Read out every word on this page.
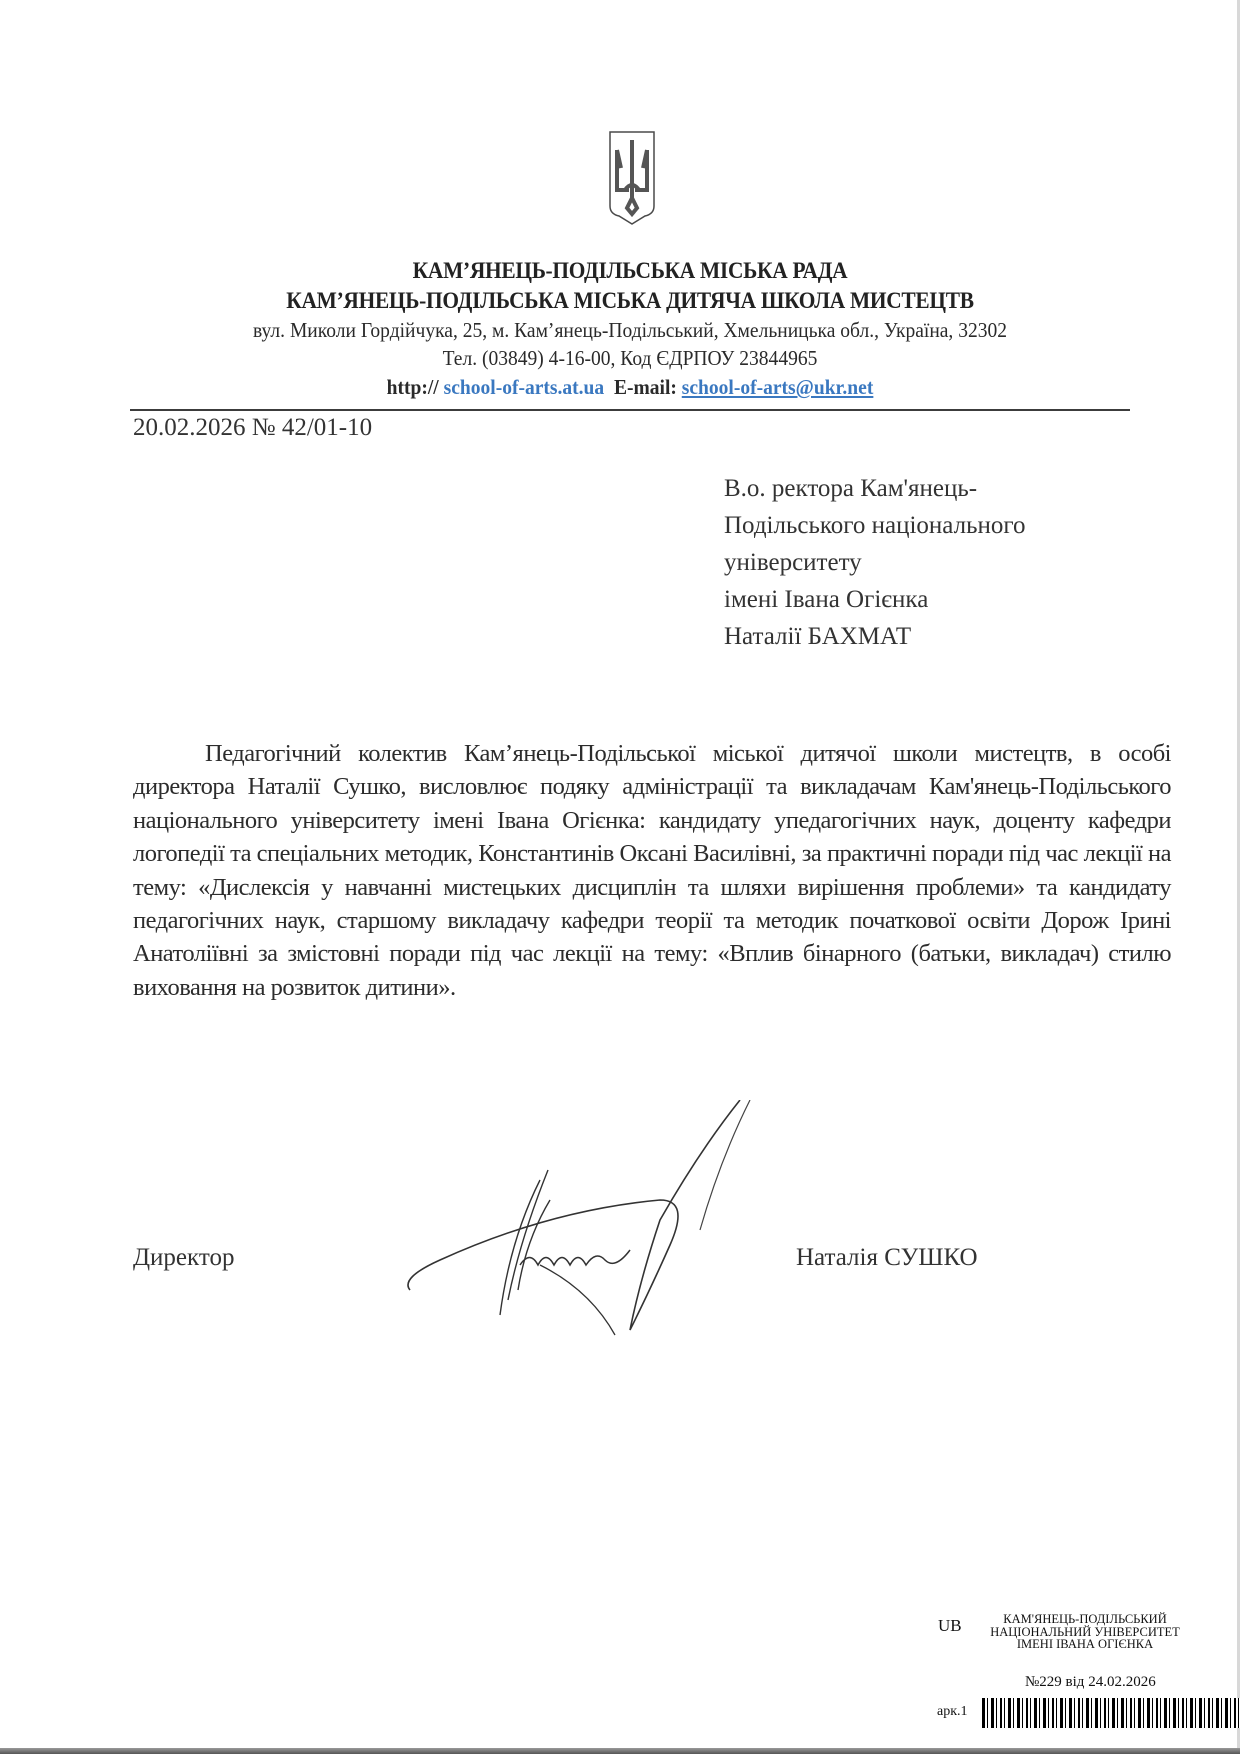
КАМ’ЯНЕЦЬ-ПОДІЛЬСЬКА МІСЬКА РАДА
КАМ’ЯНЕЦЬ-ПОДІЛЬСЬКА МІСЬКА ДИТЯЧА ШКОЛА МИСТЕЦТВ
вул. Миколи Гордійчука, 25, м. Кам’янець-Подільський, Хмельницька обл., Україна, 32302
Тел. (03849) 4-16-00, Код ЄДРПОУ 23844965
http:// school-of-arts.at.ua E-mail: school-of-arts@ukr.net
20.02.2026 № 42/01-10
В.о. ректора Кам'янець-
Подільського національного
університету
імені Івана Огієнка
Наталії БАХМАТ
Педагогічний колектив Кам’янець-Подільської міської дитячої школи мистецтв, в особі директора Наталії Сушко, висловлює подяку адміністрації та викладачам Кам'янець-Подільського національного університету імені Івана Огієнка: кандидату упедагогічних наук, доценту кафедри логопедії та спеціальних методик, Константинів Оксані Василівні, за практичні поради під час лекції на тему: «Дислексія у навчанні мистецьких дисциплін та шляхи вирішення проблеми» та кандидату педагогічних наук, старшому викладачу кафедри теорії та методик початкової освіти Дорож Ірині Анатоліївні за змістовні поради під час лекції на тему: «Вплив бінарного (батьки, викладач) стилю виховання на розвиток дитини».
Директор	Наталія СУШКО
UB	КАМ'ЯНЕЦЬ-ПОДІЛЬСЬКИЙ НАЦІОНАЛЬНИЙ УНІВЕРСИТЕТ ІМЕНІ ІВАНА ОГІЄНКА
№229 від 24.02.2026
арк.1
